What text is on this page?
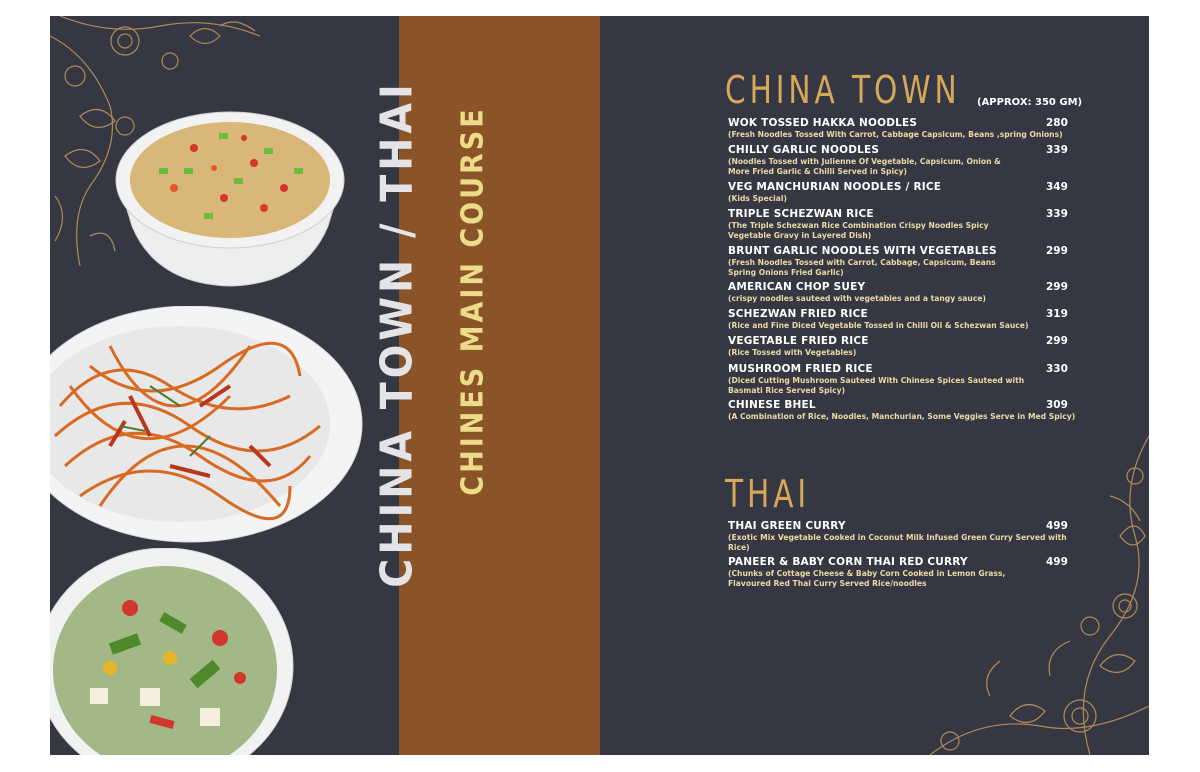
CHINA TOWN / THAI CHINES MAIN COURSE
CHINA TOWN (APPROX: 350 GM)
WOK TOSSED HAKKA NOODLES
(Fresh Noodles Tossed With Carrot, Cabbage Capsicum, Beans ,spring Onions)
280
CHILLY GARLIC NOODLES
(Noodles Tossed with Julienne Of Vegetable, Capsicum, Onion &
More Fried Garlic & Chilli Served in Spicy)
339
VEG MANCHURIAN NOODLES / RICE
(Kids Special)
349
TRIPLE SCHEZWAN RICE
(The Triple Schezwan Rice Combination Crispy Noodles Spicy
Vegetable Gravy in Layered Dish)
339
BRUNT GARLIC NOODLES WITH VEGETABLES
(Fresh Noodles Tossed with Carrot, Cabbage, Capsicum, Beans
Spring Onions Fried Garlic)
299
AMERICAN CHOP SUEY
(crispy noodles sauteed with vegetables and a tangy sauce)
299
SCHEZWAN FRIED RICE
(Rice and Fine Diced Vegetable Tossed in Chilli Oil & Schezwan Sauce)
319
VEGETABLE FRIED RICE
(Rice Tossed with Vegetables)
299
MUSHROOM FRIED RICE
(Diced Cutting Mushroom Sauteed With Chinese Spices Sauteed with
Basmati Rice Served Spicy)
330
CHINESE BHEL
(A Combination of Rice, Noodles, Manchurian, Some Veggies Serve in Med Spicy)
309
THAI
THAI GREEN CURRY
(Exotic Mix Vegetable Cooked in Coconut Milk Infused Green Curry Served with Rice)
499
PANEER & BABY CORN THAI RED CURRY
(Chunks of Cottage Cheese & Baby Corn Cooked in Lemon Grass,
Flavoured Red Thai Curry Served Rice/noodles
499
